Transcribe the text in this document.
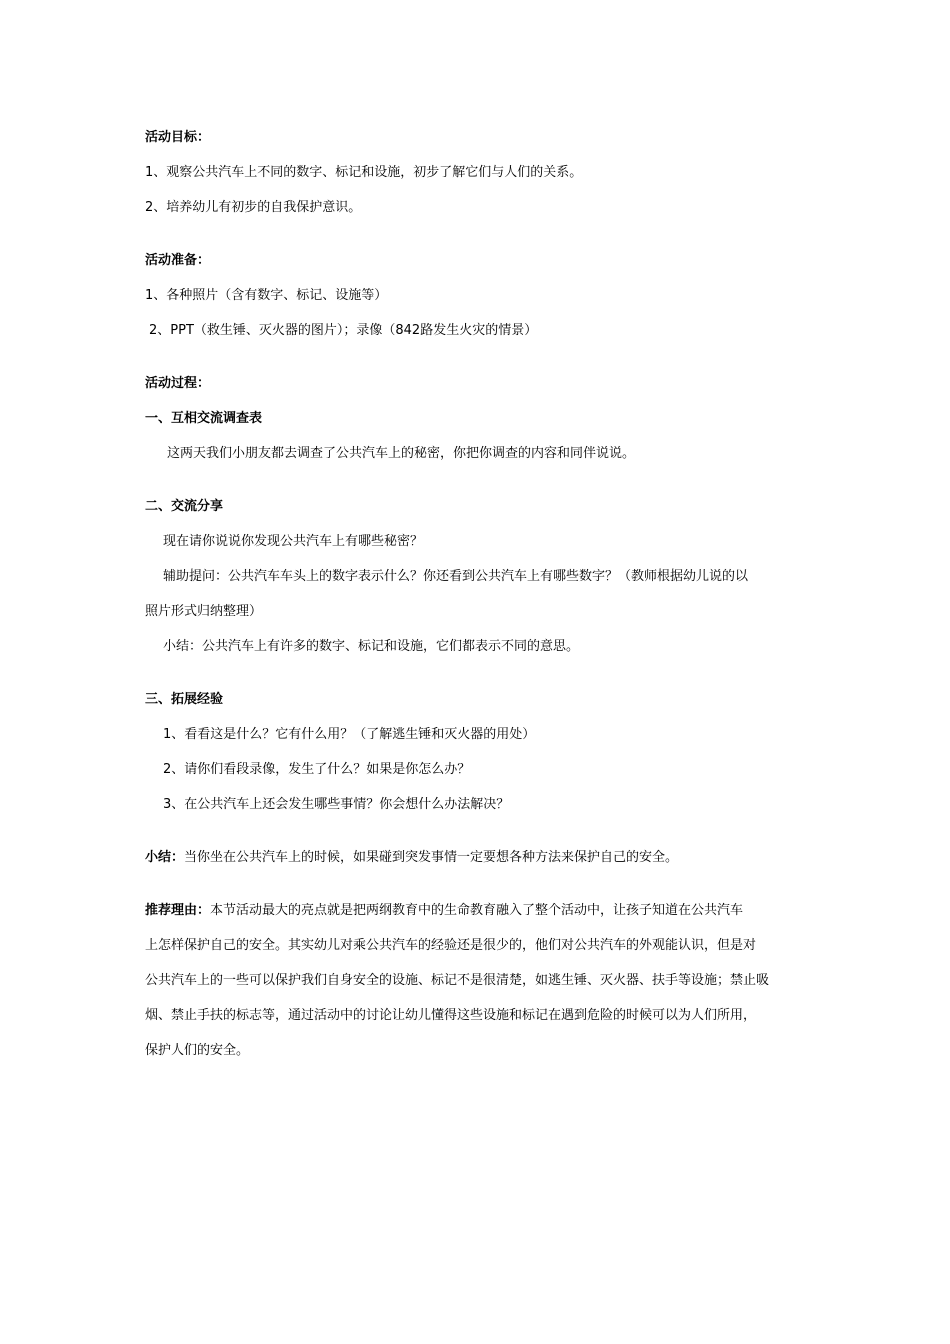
活动目标：
1、观察公共汽车上不同的数字、标记和设施，初步了解它们与人们的关系。
2、培养幼儿有初步的自我保护意识。
活动准备：
1、各种照片（含有数字、标记、设施等）
2、PPT（救生锤、灭火器的图片）；录像（842路发生火灾的情景）
活动过程：
一、互相交流调查表
这两天我们小朋友都去调查了公共汽车上的秘密，你把你调查的内容和同伴说说。
二、交流分享
现在请你说说你发现公共汽车上有哪些秘密？
辅助提问：公共汽车车头上的数字表示什么？你还看到公共汽车上有哪些数字？（教师根据幼儿说的以
照片形式归纳整理）
小结：公共汽车上有许多的数字、标记和设施，它们都表示不同的意思。
三、拓展经验
1、看看这是什么？它有什么用？（了解逃生锤和灭火器的用处）
2、请你们看段录像，发生了什么？如果是你怎么办？
3、在公共汽车上还会发生哪些事情？你会想什么办法解决？
小结：当你坐在公共汽车上的时候，如果碰到突发事情一定要想各种方法来保护自己的安全。
推荐理由：本节活动最大的亮点就是把两纲教育中的生命教育融入了整个活动中，让孩子知道在公共汽车
上怎样保护自己的安全。其实幼儿对乘公共汽车的经验还是很少的，他们对公共汽车的外观能认识，但是对
公共汽车上的一些可以保护我们自身安全的设施、标记不是很清楚，如逃生锤、灭火器、扶手等设施；禁止吸
烟、禁止手扶的标志等，通过活动中的讨论让幼儿懂得这些设施和标记在遇到危险的时候可以为人们所用，
保护人们的安全。
